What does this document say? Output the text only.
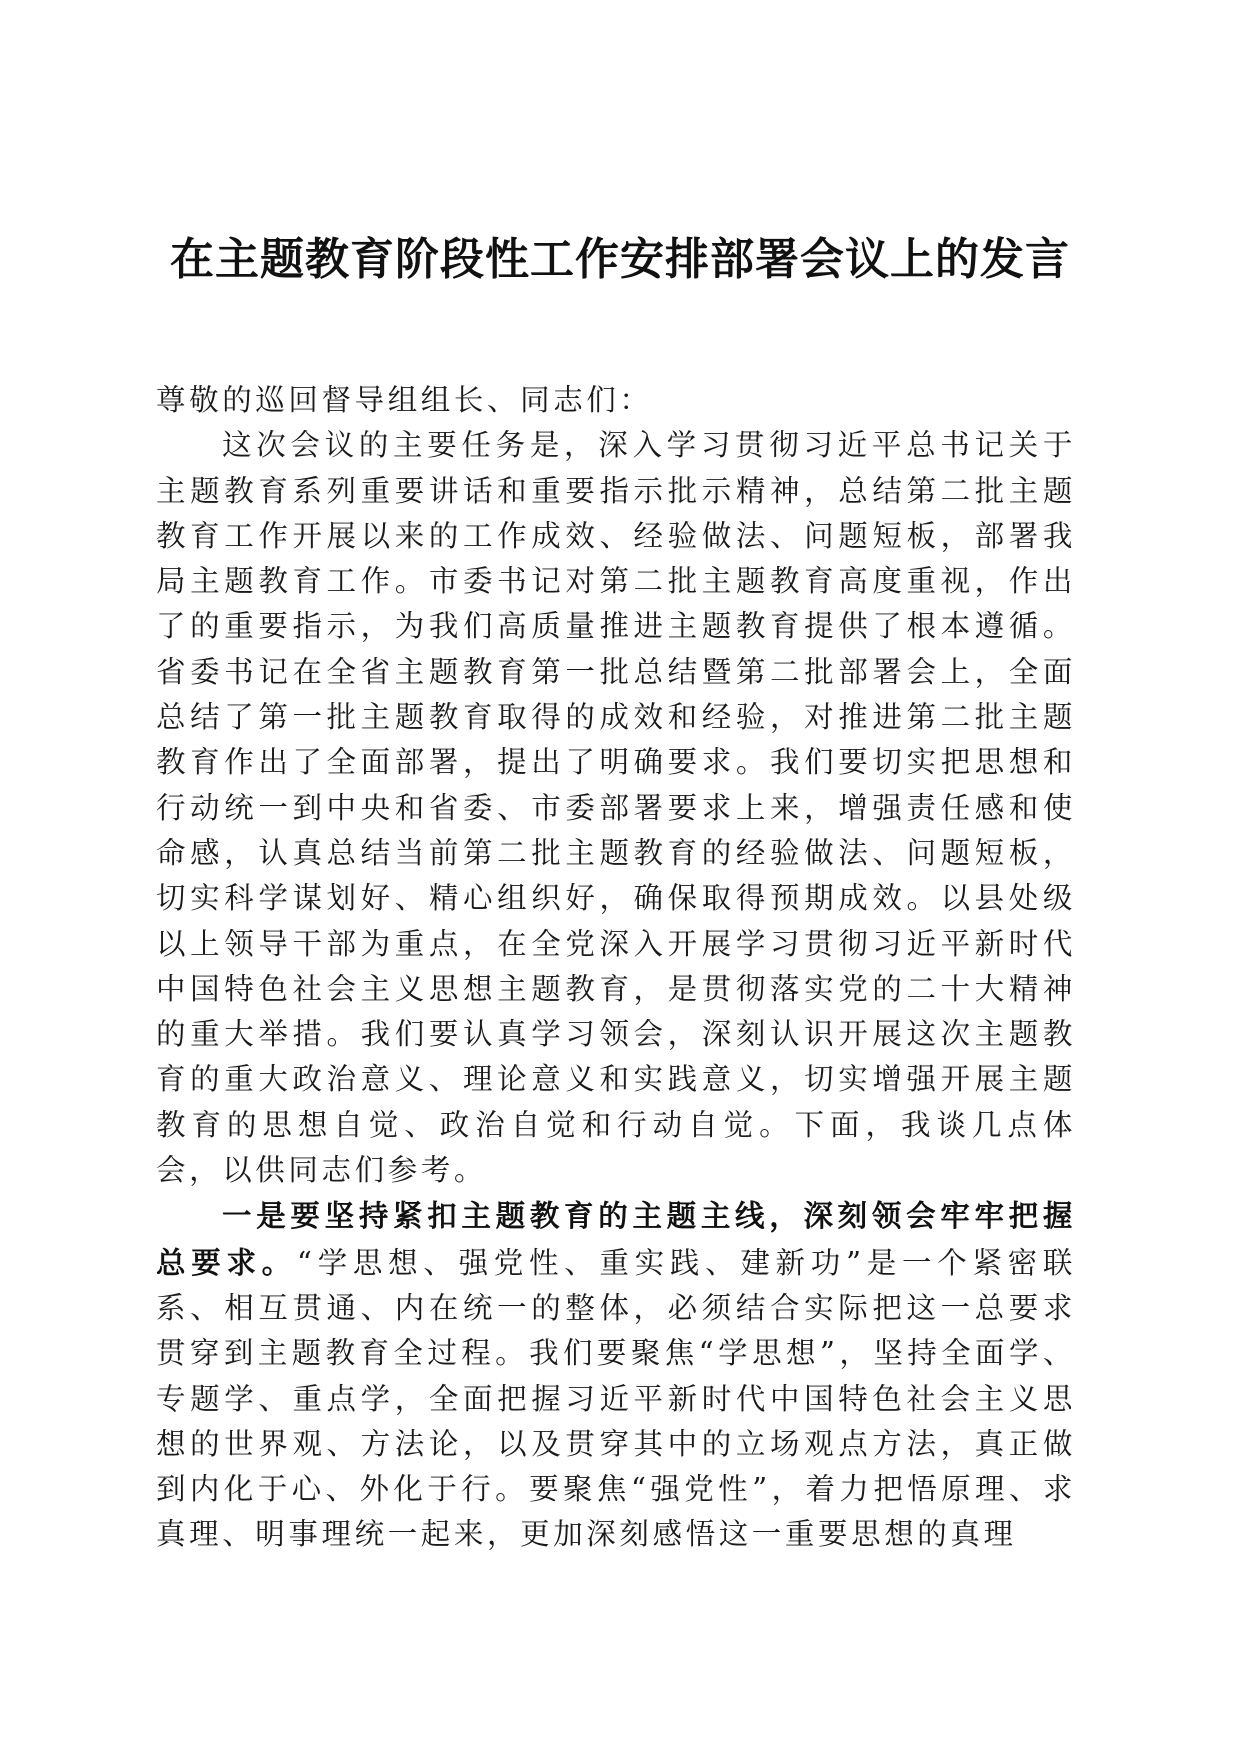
在主题教育阶段性工作安排部署会议上的发言

尊敬的巡回督导组组长、同志们：

这次会议的主要任务是，深入学习贯彻习近平总书记关于主题教育系列重要讲话和重要指示批示精神，总结第二批主题教育工作开展以来的工作成效、经验做法、问题短板，部署我局主题教育工作。市委书记对第二批主题教育高度重视，作出了的重要指示，为我们高质量推进主题教育提供了根本遵循。省委书记在全省主题教育第一批总结暨第二批部署会上，全面总结了第一批主题教育取得的成效和经验，对推进第二批主题教育作出了全面部署，提出了明确要求。我们要切实把思想和行动统一到中央和省委、市委部署要求上来，增强责任感和使命感，认真总结当前第二批主题教育的经验做法、问题短板，切实科学谋划好、精心组织好，确保取得预期成效。以县处级以上领导干部为重点，在全党深入开展学习贯彻习近平新时代中国特色社会主义思想主题教育，是贯彻落实党的二十大精神的重大举措。我们要认真学习领会，深刻认识开展这次主题教育的重大政治意义、理论意义和实践意义，切实增强开展主题教育的思想自觉、政治自觉和行动自觉。下面，我谈几点体会，以供同志们参考。

一是要坚持紧扣主题教育的主题主线，深刻领会牢牢把握总要求。“学思想、强党性、重实践、建新功”是一个紧密联系、相互贯通、内在统一的整体，必须结合实际把这一总要求贯穿到主题教育全过程。我们要聚焦“学思想”，坚持全面学、专题学、重点学，全面把握习近平新时代中国特色社会主义思想的世界观、方法论，以及贯穿其中的立场观点方法，真正做到内化于心、外化于行。要聚焦“强党性”，着力把悟原理、求真理、明事理统一起来，更加深刻感悟这一重要思想的真理
